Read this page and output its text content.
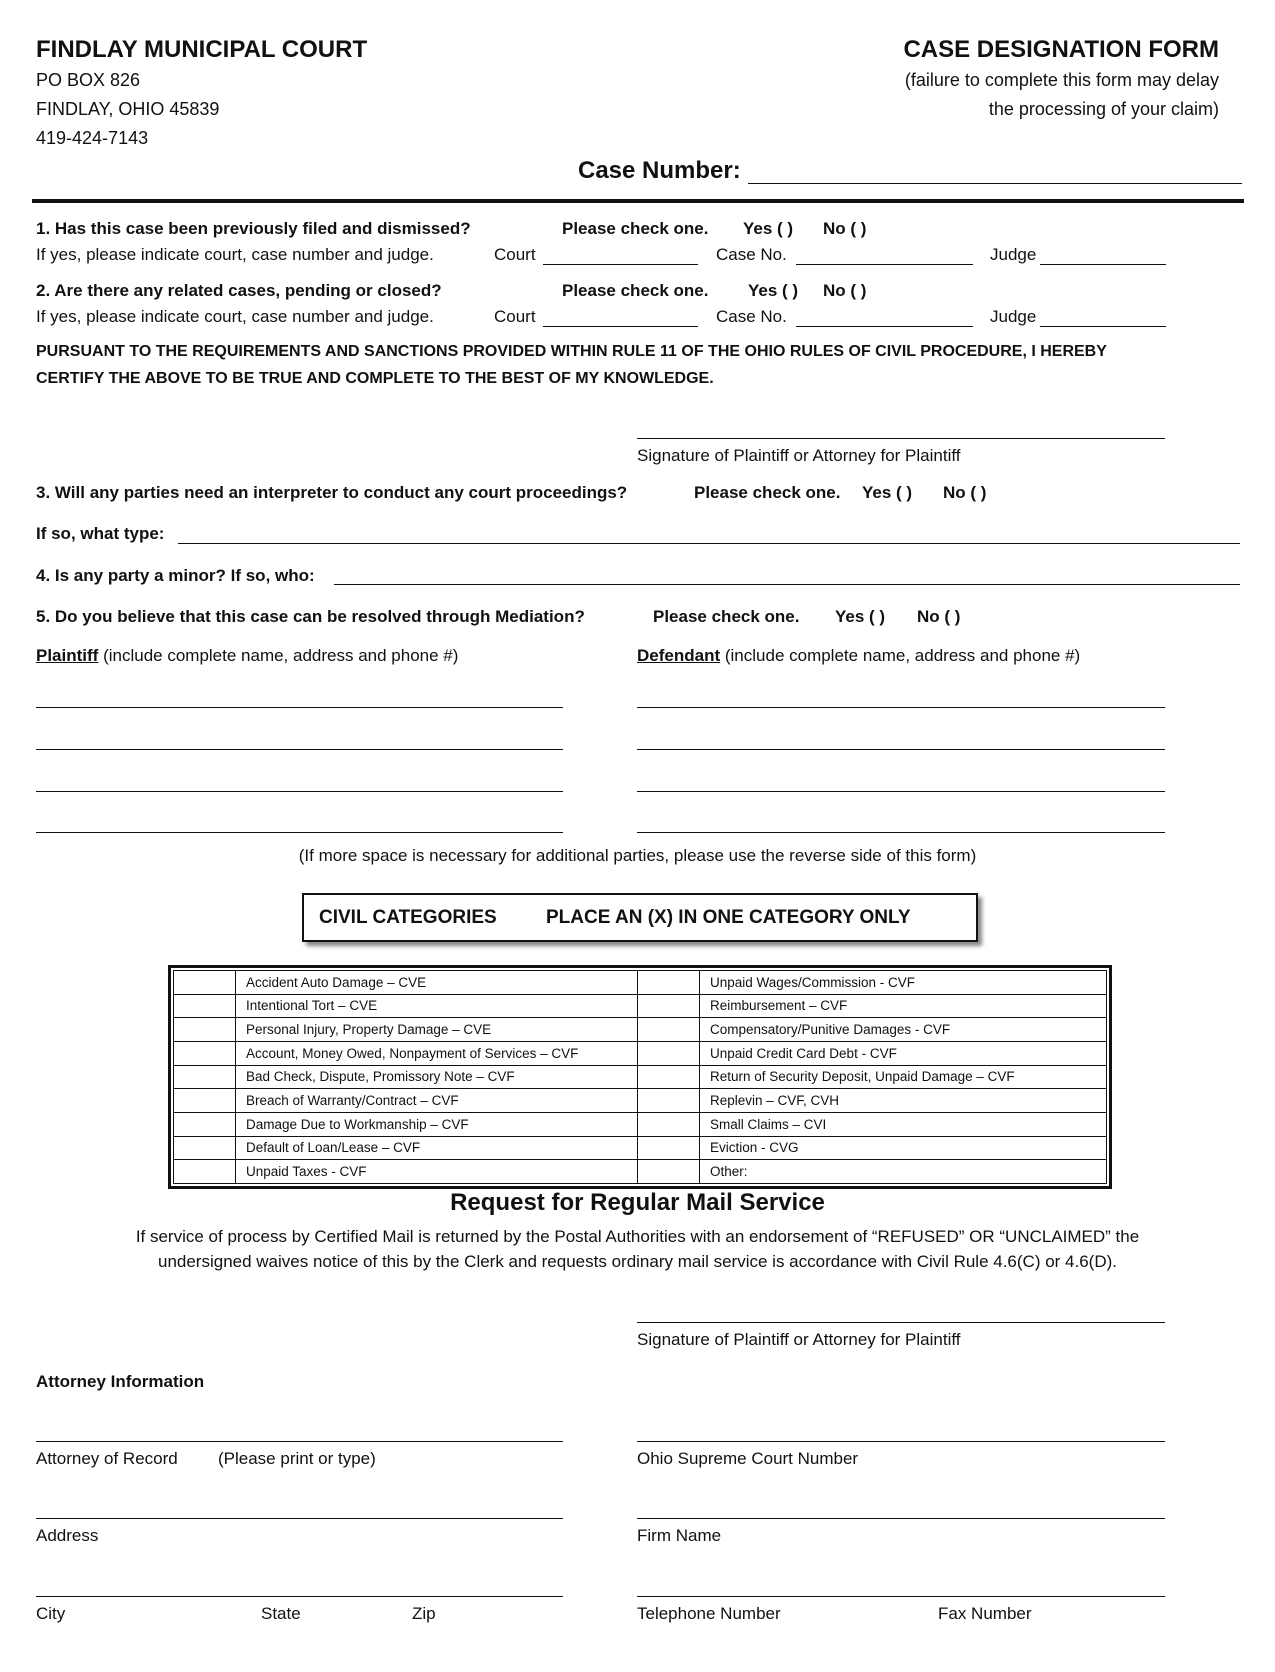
FINDLAY MUNICIPAL COURT
PO BOX 826
FINDLAY, OHIO 45839
419-424-7143
CASE DESIGNATION FORM
(failure to complete this form may delay
the processing of your claim)
Case Number:
1. Has this case been previously filed and dismissed?	Please check one. Yes ( ) No ( )
If yes, please indicate court, case number and judge.	Court	Case No.	Judge
2. Are there any related cases, pending or closed?	Please check one. Yes ( ) No ( )
If yes, please indicate court, case number and judge.	Court	Case No.	Judge
PURSUANT TO THE REQUIREMENTS AND SANCTIONS PROVIDED WITHIN RULE 11 OF THE OHIO RULES OF CIVIL PROCEDURE, I HEREBY
CERTIFY THE ABOVE TO BE TRUE AND COMPLETE TO THE BEST OF MY KNOWLEDGE.
Signature of Plaintiff or Attorney for Plaintiff
3. Will any parties need an interpreter to conduct any court proceedings?	Please check one. Yes ( ) No ( )
If so, what type:
4. Is any party a minor? If so, who:
5. Do you believe that this case can be resolved through Mediation?	Please check one. Yes ( ) No ( )
Plaintiff (include complete name, address and phone #)	Defendant (include complete name, address and phone #)
(If more space is necessary for additional parties, please use the reverse side of this form)
CIVIL CATEGORIES	PLACE AN (X) IN ONE CATEGORY ONLY
	Accident Auto Damage – CVE		Unpaid Wages/Commission - CVF
	Intentional Tort – CVE		Reimbursement – CVF
	Personal Injury, Property Damage – CVE		Compensatory/Punitive Damages - CVF
	Account, Money Owed, Nonpayment of Services – CVF		Unpaid Credit Card Debt - CVF
	Bad Check, Dispute, Promissory Note – CVF		Return of Security Deposit, Unpaid Damage – CVF
	Breach of Warranty/Contract – CVF		Replevin – CVF, CVH
	Damage Due to Workmanship – CVF		Small Claims – CVI
	Default of Loan/Lease – CVF		Eviction - CVG
	Unpaid Taxes - CVF		Other:
Request for Regular Mail Service
If service of process by Certified Mail is returned by the Postal Authorities with an endorsement of “REFUSED” OR “UNCLAIMED” the
undersigned waives notice of this by the Clerk and requests ordinary mail service is accordance with Civil Rule 4.6(C) or 4.6(D).
Signature of Plaintiff or Attorney for Plaintiff
Attorney Information
Attorney of Record (Please print or type)	Ohio Supreme Court Number
Address	Firm Name
City	State	Zip	Telephone Number	Fax Number
